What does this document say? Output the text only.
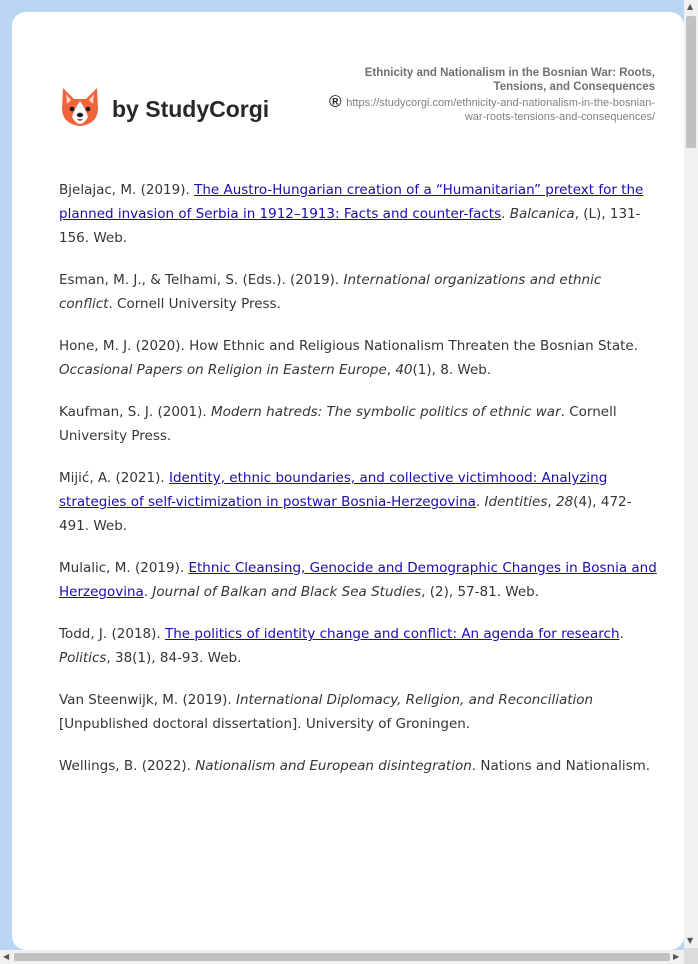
by StudyCorgi	®
Ethnicity and Nationalism in the Bosnian War: Roots, Tensions, and Consequences
https://studycorgi.com/ethnicity-and-nationalism-in-the-bosnian-war-roots-tensions-and-consequences/

Bjelajac, M. (2019). The Austro-Hungarian creation of a “Humanitarian” pretext for the planned invasion of Serbia in 1912–1913: Facts and counter-facts. Balcanica, (L), 131-156. Web.

Esman, M. J., & Telhami, S. (Eds.). (2019). International organizations and ethnic conflict. Cornell University Press.

Hone, M. J. (2020). How Ethnic and Religious Nationalism Threaten the Bosnian State. Occasional Papers on Religion in Eastern Europe, 40(1), 8. Web.

Kaufman, S. J. (2001). Modern hatreds: The symbolic politics of ethnic war. Cornell University Press.

Mijić, A. (2021). Identity, ethnic boundaries, and collective victimhood: Analyzing strategies of self-victimization in postwar Bosnia-Herzegovina. Identities, 28(4), 472-491. Web.

Mulalic, M. (2019). Ethnic Cleansing, Genocide and Demographic Changes in Bosnia and Herzegovina. Journal of Balkan and Black Sea Studies, (2), 57-81. Web.

Todd, J. (2018). The politics of identity change and conflict: An agenda for research. Politics, 38(1), 84-93. Web.

Van Steenwijk, M. (2019). International Diplomacy, Religion, and Reconciliation [Unpublished doctoral dissertation]. University of Groningen.

Wellings, B. (2022). Nationalism and European disintegration. Nations and Nationalism.

▲
▼
◀	▶
